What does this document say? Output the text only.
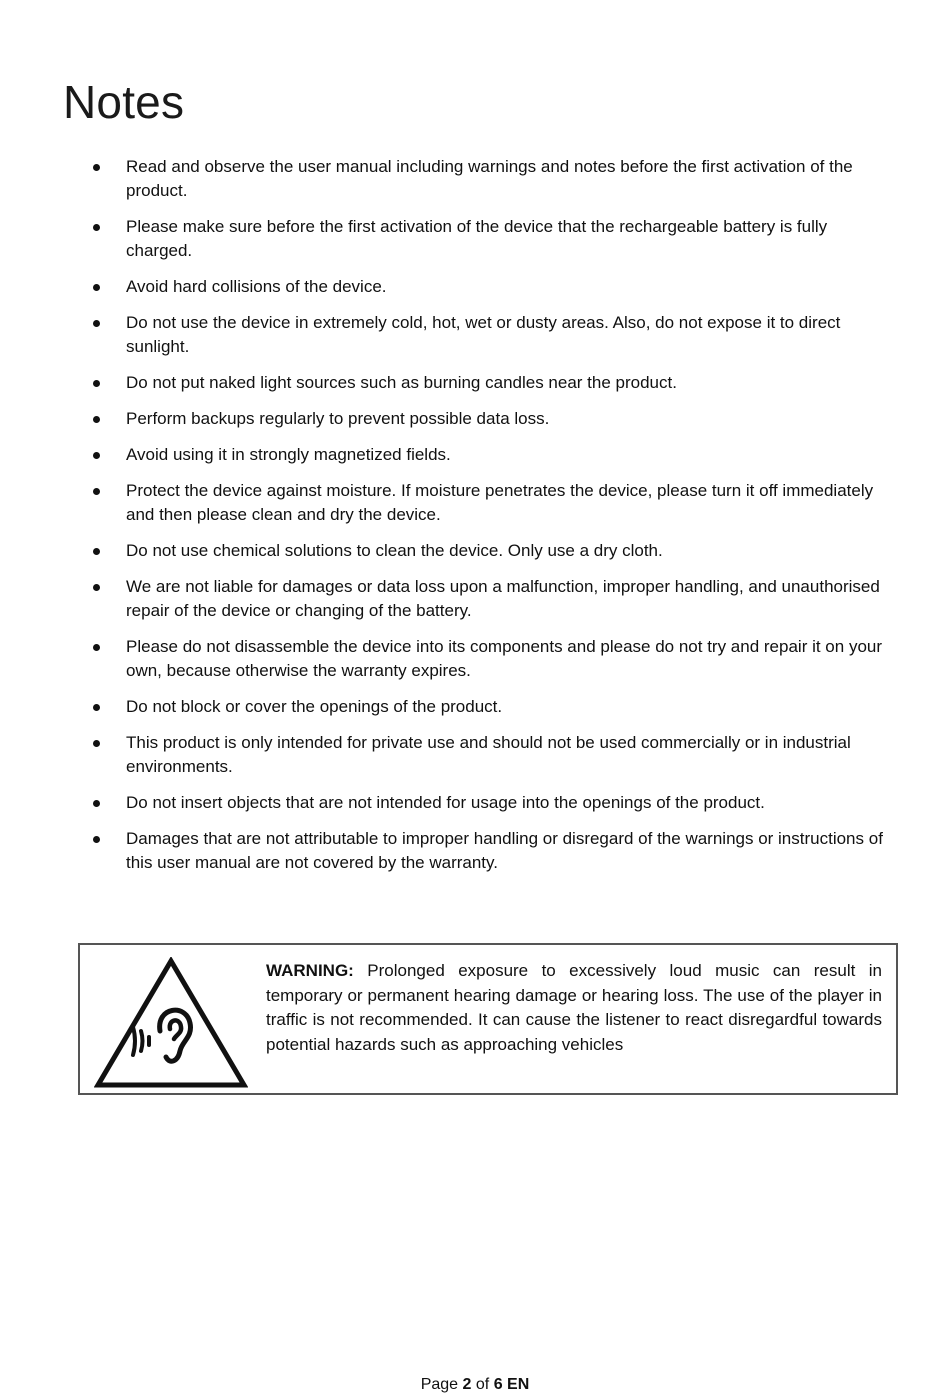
Notes
Read and observe the user manual including warnings and notes before the first activation of the product.
Please make sure before the first activation of the device that the rechargeable battery is fully charged.
Avoid hard collisions of the device.
Do not use the device in extremely cold, hot, wet or dusty areas. Also, do not expose it to direct sunlight.
Do not put naked light sources such as burning candles near the product.
Perform backups regularly to prevent possible data loss.
Avoid using it in strongly magnetized fields.
Protect the device against moisture. If moisture penetrates the device, please turn it off immediately and then please clean and dry the device.
Do not use chemical solutions to clean the device. Only use a dry cloth.
We are not liable for damages or data loss upon a malfunction, improper handling, and unauthorised repair of the device or changing of the battery.
Please do not disassemble the device into its components and please do not try and repair it on your own, because otherwise the warranty expires.
Do not block or cover the openings of the product.
This product is only intended for private use and should not be used commercially or in industrial environments.
Do not insert objects that are not intended for usage into the openings of the product.
Damages that are not attributable to improper handling or disregard of the warnings or instructions of this user manual are not covered by the warranty.

WARNING: Prolonged exposure to excessively loud music can result in temporary or permanent hearing damage or hearing loss. The use of the player in traffic is not recommended. It can cause the listener to react disregardful towards potential hazards such as approaching vehicles

Page 2 of 6 EN
